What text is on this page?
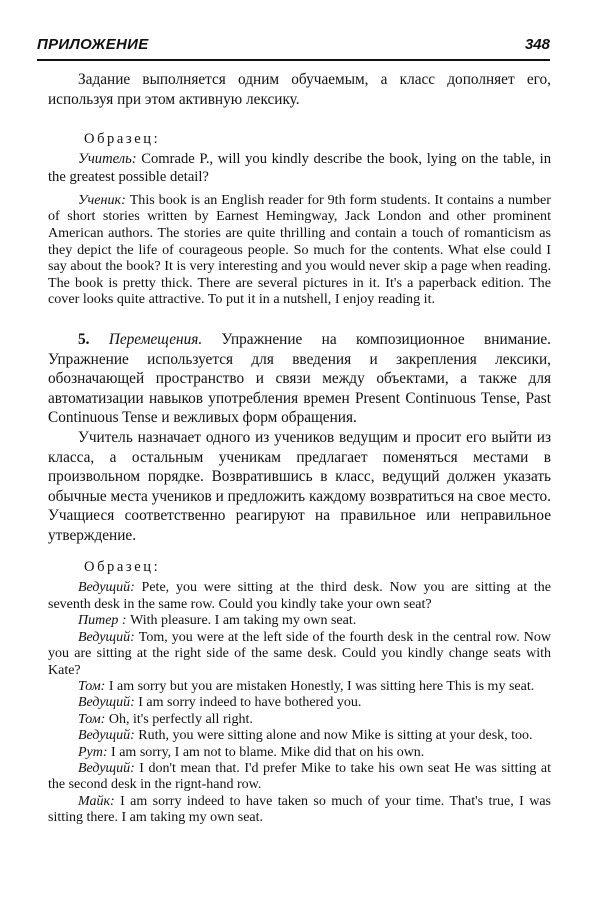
ПРИЛОЖЕНИЕ	348

Задание выполняется одним обучаемым, а класс дополняет его, используя при этом активную лексику.

Образец:

Учитель: Comrade P., will you kindly describe the book, lying on the table, in the greatest possible detail?

Ученик: This book is an English reader for 9th form students. It contains a number of short stories written by Earnest Hemingway, Jack London and other prominent American authors. The stories are quite thrilling and contain a touch of romanticism as they depict the life of courageous people. So much for the contents. What else could I say about the book? It is very interesting and you would never skip a page when reading. The book is pretty thick. There are several pictures in it. It's a paperback edition. The cover looks quite attractive. To put it in a nutshell, I enjoy reading it.

5. Перемещения. Упражнение на композиционное внимание. Упражнение используется для введения и закрепления лексики, обозначающей пространство и связи между объектами, а также для автоматизации навыков употребления времен Present Continuous Tense, Past Continuous Tense и вежливых форм обращения.

Учитель назначает одного из учеников ведущим и просит его выйти из класса, а остальным ученикам предлагает поменяться местами в произвольном порядке. Возвратившись в класс, ведущий должен указать обычные места учеников и предложить каждому возвратиться на свое место. Учащиеся соответственно реагируют на правильное или неправильное утверждение.

Образец:

Ведущий: Pete, you were sitting at the third desk. Now you are sitting at the seventh desk in the same row. Could you kindly take your own seat?

Питер : With pleasure. I am taking my own seat.

Ведущий: Tom, you were at the left side of the fourth desk in the central row. Now you are sitting at the right side of the same desk. Could you kindly change seats with Kate?

Том: I am sorry but you are mistaken Honestly, I was sitting here This is my seat.

Ведущий: I am sorry indeed to have bothered you.

Том: Oh, it's perfectly all right.

Ведущий: Ruth, you were sitting alone and now Mike is sitting at your desk, too.

Рут: I am sorry, I am not to blame. Mike did that on his own.

Ведущий: I don't mean that. I'd prefer Mike to take his own seat He was sitting at the second desk in the rignt-hand row.

Майк: I am sorry indeed to have taken so much of your time. That's true, I was sitting there. I am taking my own seat.
